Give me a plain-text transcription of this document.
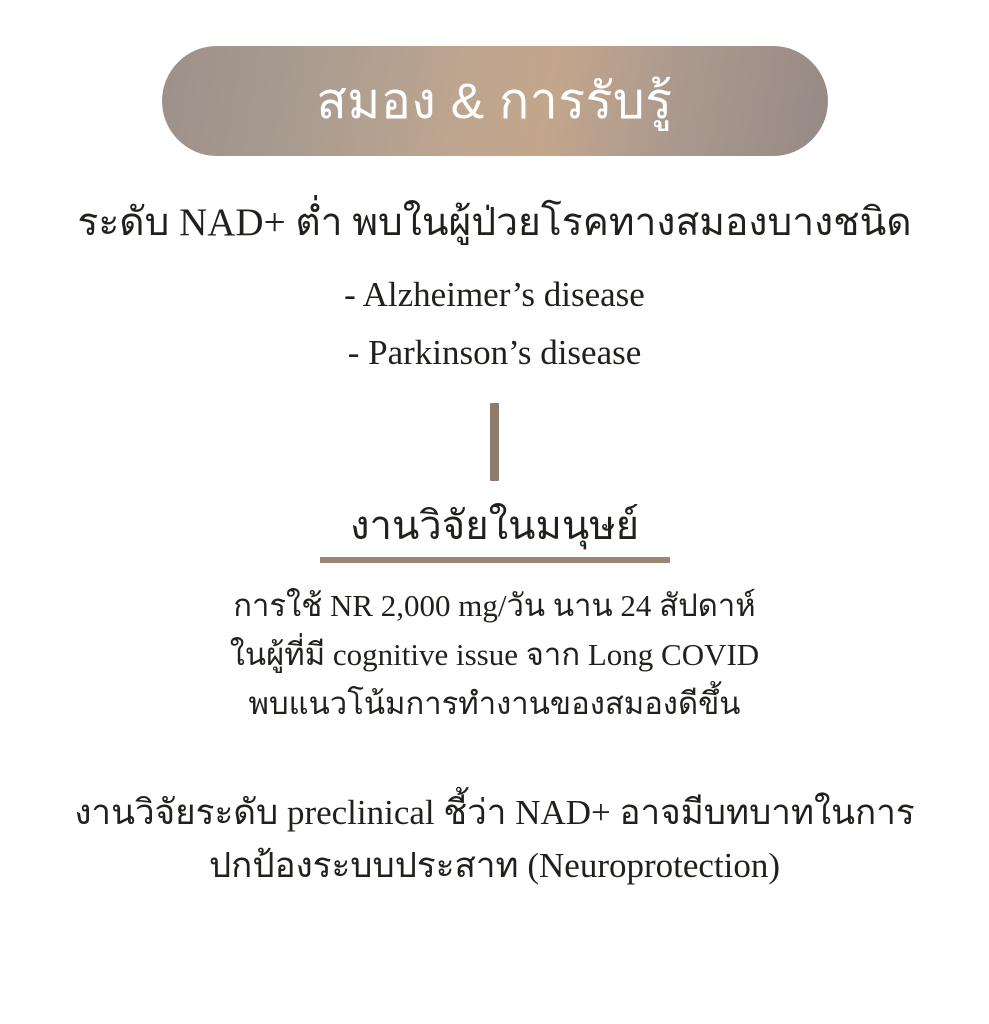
สมอง & การรับรู้
ระดับ NAD+ ต่ำ พบในผู้ป่วยโรคทางสมองบางชนิด
- Alzheimer’s disease
- Parkinson’s disease
งานวิจัยในมนุษย์
การใช้ NR 2,000 mg/วัน นาน 24 สัปดาห์
ในผู้ที่มี cognitive issue จาก Long COVID
พบแนวโน้มการทำงานของสมองดีขึ้น
งานวิจัยระดับ preclinical ชี้ว่า NAD+ อาจมีบทบาทในการ
ปกป้องระบบประสาท (Neuroprotection)
